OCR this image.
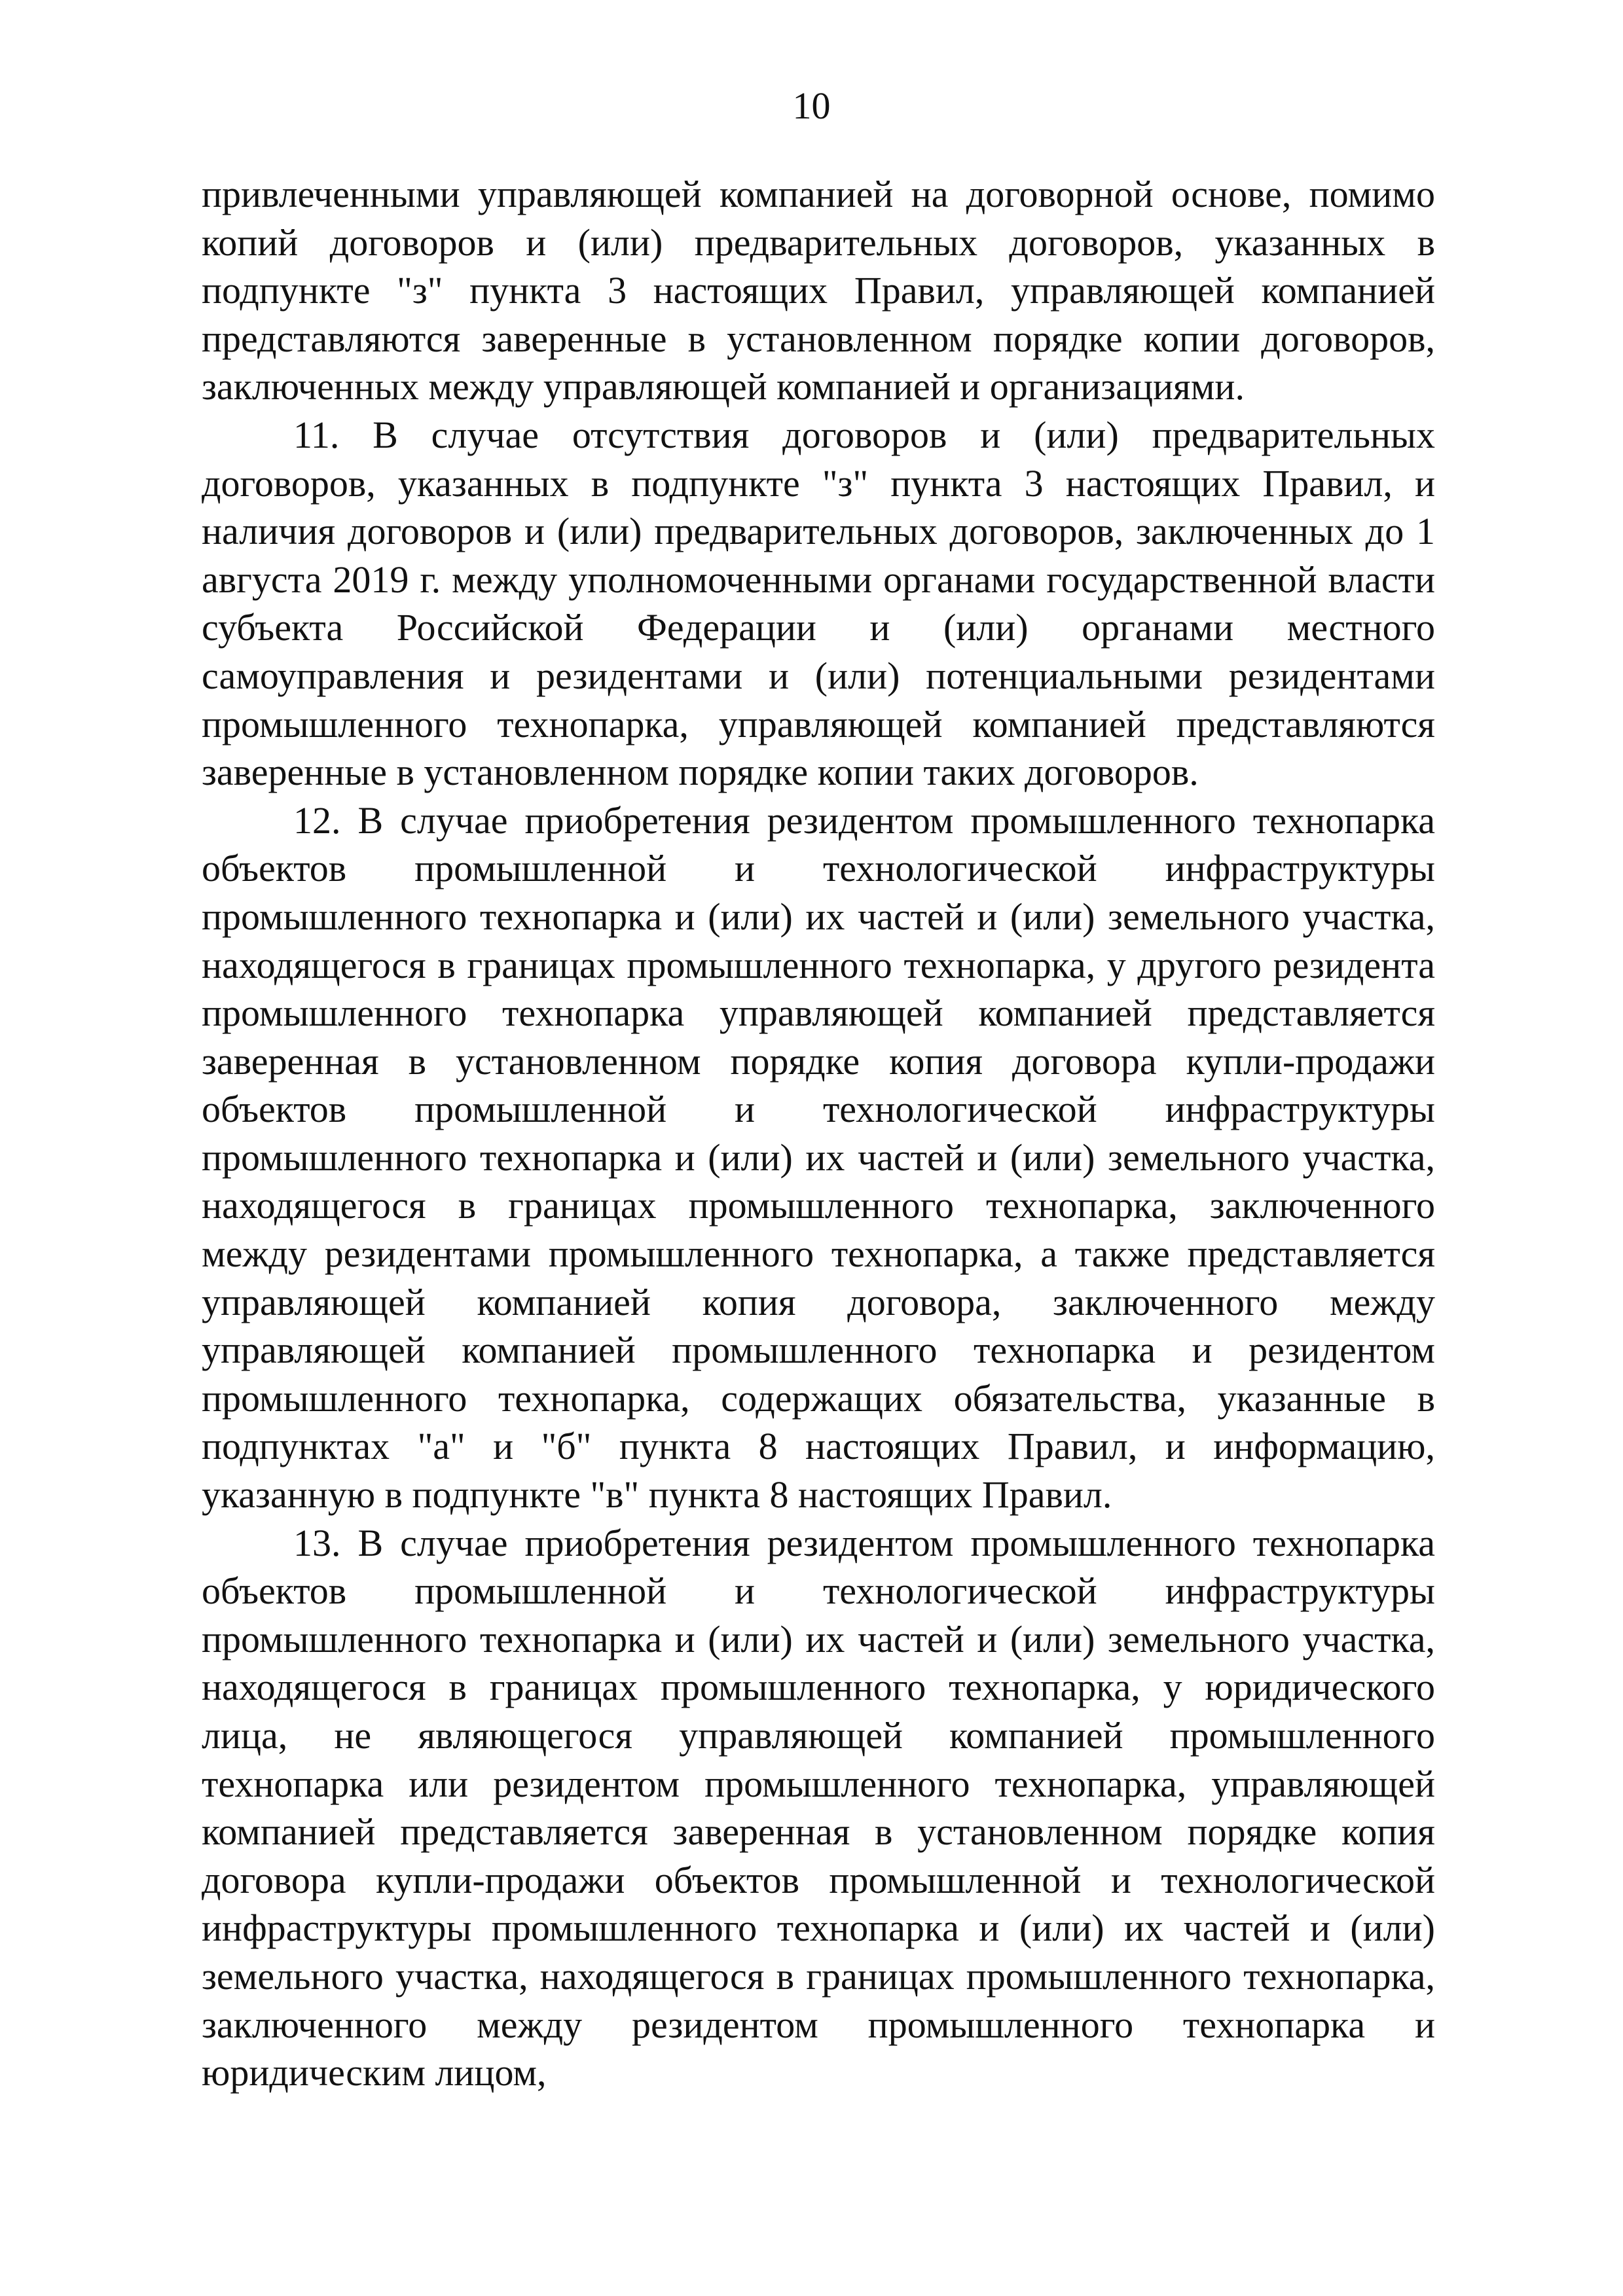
10

привлеченными управляющей компанией на договорной основе, помимо копий договоров и (или) предварительных договоров, указанных в подпункте "з" пункта 3 настоящих Правил, управляющей компанией представляются заверенные в установленном порядке копии договоров, заключенных между управляющей компанией и организациями.

11. В случае отсутствия договоров и (или) предварительных договоров, указанных в подпункте "з" пункта 3 настоящих Правил, и наличия договоров и (или) предварительных договоров, заключенных до 1 августа 2019 г. между уполномоченными органами государственной власти субъекта Российской Федерации и (или) органами местного самоуправления и резидентами и (или) потенциальными резидентами промышленного технопарка, управляющей компанией представляются заверенные в установленном порядке копии таких договоров.

12. В случае приобретения резидентом промышленного технопарка объектов промышленной и технологической инфраструктуры промышленного технопарка и (или) их частей и (или) земельного участка, находящегося в границах промышленного технопарка, у другого резидента промышленного технопарка управляющей компанией представляется заверенная в установленном порядке копия договора купли-продажи объектов промышленной и технологической инфраструктуры промышленного технопарка и (или) их частей и (или) земельного участка, находящегося в границах промышленного технопарка, заключенного между резидентами промышленного технопарка, а также представляется управляющей компанией копия договора, заключенного между управляющей компанией промышленного технопарка и резидентом промышленного технопарка, содержащих обязательства, указанные в подпунктах "а" и "б" пункта 8 настоящих Правил, и информацию, указанную в подпункте "в" пункта 8 настоящих Правил.

13. В случае приобретения резидентом промышленного технопарка объектов промышленной и технологической инфраструктуры промышленного технопарка и (или) их частей и (или) земельного участка, находящегося в границах промышленного технопарка, у юридического лица, не являющегося управляющей компанией промышленного технопарка или резидентом промышленного технопарка, управляющей компанией представляется заверенная в установленном порядке копия договора купли-продажи объектов промышленной и технологической инфраструктуры промышленного технопарка и (или) их частей и (или) земельного участка, находящегося в границах промышленного технопарка, заключенного между резидентом промышленного технопарка и юридическим лицом,
